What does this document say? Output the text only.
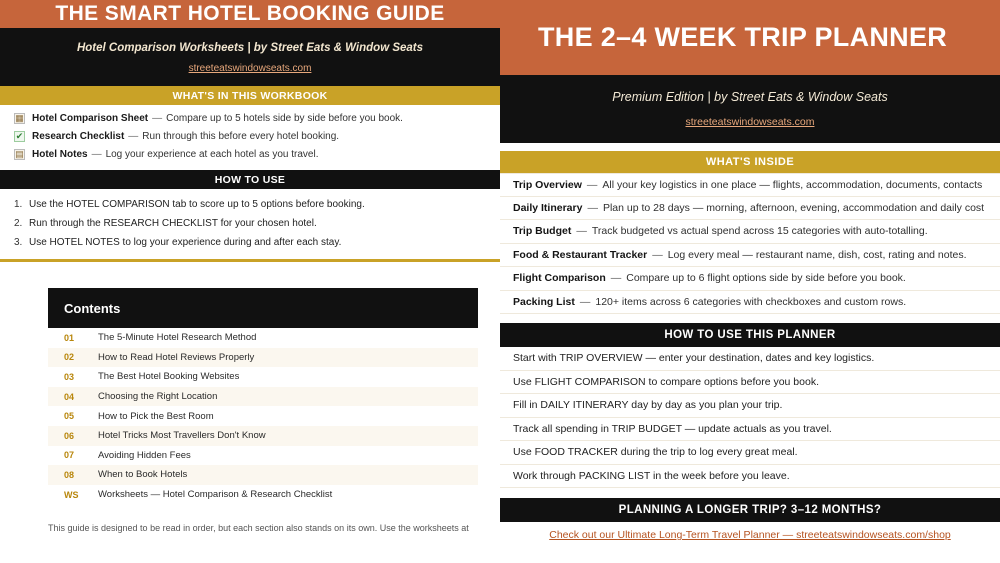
THE SMART HOTEL BOOKING GUIDE
Hotel Comparison Worksheets | by Street Eats & Window Seats
streeteatswindowseats.com
WHAT'S IN THIS WORKBOOK
▦ Hotel Comparison Sheet — Compare up to 5 hotels side by side before you book.
✔ Research Checklist — Run through this before every hotel booking.
▤ Hotel Notes — Log your experience at each hotel as you travel.
HOW TO USE
1. Use the HOTEL COMPARISON tab to score up to 5 options before booking.
2. Run through the RESEARCH CHECKLIST for your chosen hotel.
3. Use HOTEL NOTES to log your experience during and after each stay.
Contents
01	The 5-Minute Hotel Research Method
02	How to Read Hotel Reviews Properly
03	The Best Hotel Booking Websites
04	Choosing the Right Location
05	How to Pick the Best Room
06	Hotel Tricks Most Travellers Don't Know
07	Avoiding Hidden Fees
08	When to Book Hotels
WS	Worksheets — Hotel Comparison & Research Checklist
This guide is designed to be read in order, but each section also stands on its own. Use the worksheets at
THE 2–4 WEEK TRIP PLANNER
Premium Edition | by Street Eats & Window Seats
streeteatswindowseats.com
WHAT'S INSIDE
Trip Overview — All your key logistics in one place — flights, accommodation, documents, contacts
Daily Itinerary — Plan up to 28 days — morning, afternoon, evening, accommodation and daily cost
Trip Budget — Track budgeted vs actual spend across 15 categories with auto-totalling.
Food & Restaurant Tracker — Log every meal — restaurant name, dish, cost, rating and notes.
Flight Comparison — Compare up to 6 flight options side by side before you book.
Packing List — 120+ items across 6 categories with checkboxes and custom rows.
HOW TO USE THIS PLANNER
Start with TRIP OVERVIEW — enter your destination, dates and key logistics.
Use FLIGHT COMPARISON to compare options before you book.
Fill in DAILY ITINERARY day by day as you plan your trip.
Track all spending in TRIP BUDGET — update actuals as you travel.
Use FOOD TRACKER during the trip to log every great meal.
Work through PACKING LIST in the week before you leave.
PLANNING A LONGER TRIP? 3–12 MONTHS?
Check out our Ultimate Long-Term Travel Planner — streeteatswindowseats.com/shop
